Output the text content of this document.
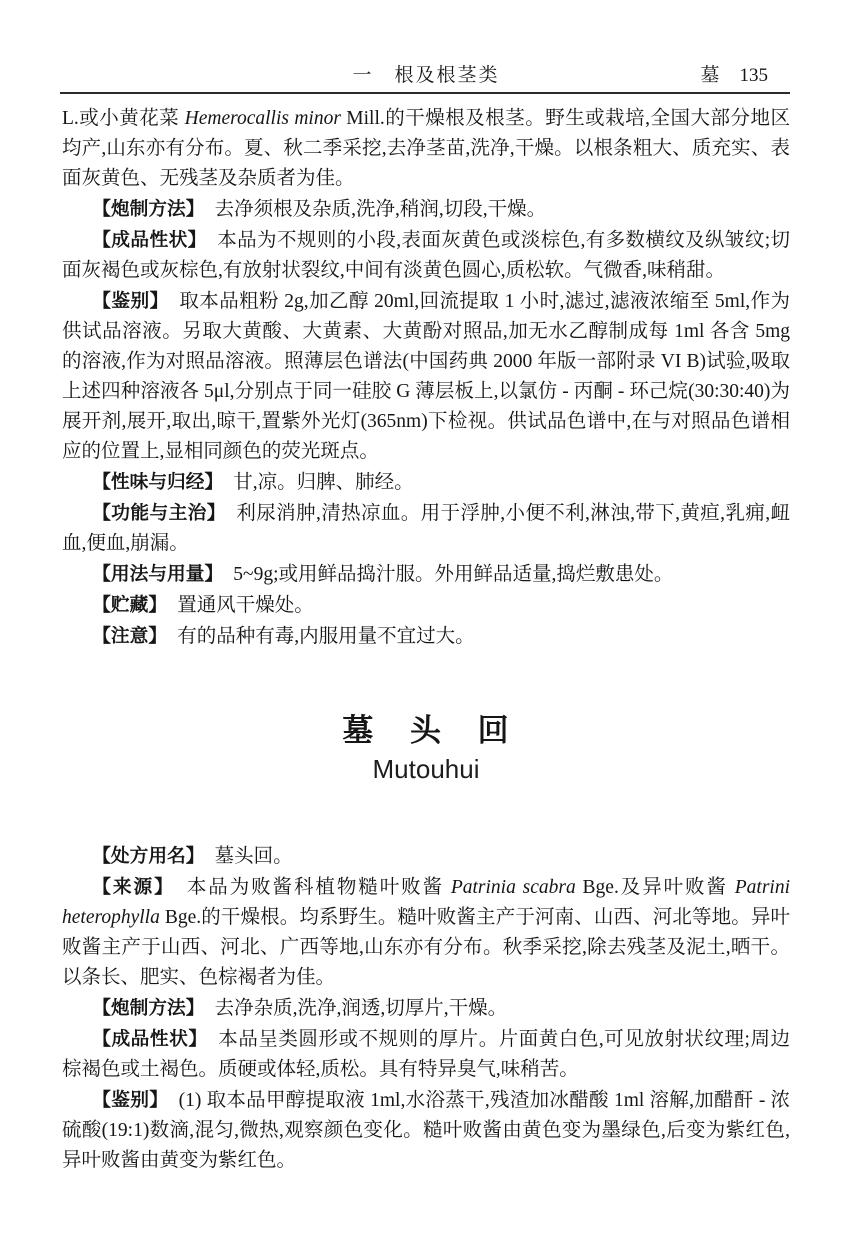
一　根及根茎类	墓 135

L.或小黄花菜 Hemerocallis minor Mill.的干燥根及根茎。野生或栽培,全国大部分地区均产,山东亦有分布。夏、秋二季采挖,去净茎苗,洗净,干燥。以根条粗大、质充实、表面灰黄色、无残茎及杂质者为佳。

【炮制方法】　去净须根及杂质,洗净,稍润,切段,干燥。

【成品性状】　本品为不规则的小段,表面灰黄色或淡棕色,有多数横纹及纵皱纹;切面灰褐色或灰棕色,有放射状裂纹,中间有淡黄色圆心,质松软。气微香,味稍甜。

【鉴别】　取本品粗粉 2g,加乙醇 20ml,回流提取 1 小时,滤过,滤液浓缩至 5ml,作为供试品溶液。另取大黄酸、大黄素、大黄酚对照品,加无水乙醇制成每 1ml 各含 5mg 的溶液,作为对照品溶液。照薄层色谱法(中国药典 2000 年版一部附录 VI B)试验,吸取上述四种溶液各 5μl,分别点于同一硅胶 G 薄层板上,以氯仿 - 丙酮 - 环己烷(30:30:40)为展开剂,展开,取出,晾干,置紫外光灯(365nm)下检视。供试品色谱中,在与对照品色谱相应的位置上,显相同颜色的荧光斑点。

【性味与归经】　甘,凉。归脾、肺经。

【功能与主治】　利尿消肿,清热凉血。用于浮肿,小便不利,淋浊,带下,黄疸,乳痈,衄血,便血,崩漏。

【用法与用量】　5~9g;或用鲜品捣汁服。外用鲜品适量,捣烂敷患处。

【贮藏】　置通风干燥处。

【注意】　有的品种有毒,内服用量不宜过大。

墓 头 回
Mutouhui

【处方用名】　墓头回。

【来源】　本品为败酱科植物糙叶败酱 Patrinia scabra Bge.及异叶败酱 Patrini heterophylla Bge.的干燥根。均系野生。糙叶败酱主产于河南、山西、河北等地。异叶败酱主产于山西、河北、广西等地,山东亦有分布。秋季采挖,除去残茎及泥土,晒干。以条长、肥实、色棕褐者为佳。

【炮制方法】　去净杂质,洗净,润透,切厚片,干燥。

【成品性状】　本品呈类圆形或不规则的厚片。片面黄白色,可见放射状纹理;周边棕褐色或土褐色。质硬或体轻,质松。具有特异臭气,味稍苦。

【鉴别】　(1) 取本品甲醇提取液 1ml,水浴蒸干,残渣加冰醋酸 1ml 溶解,加醋酐 - 浓硫酸(19:1)数滴,混匀,微热,观察颜色变化。糙叶败酱由黄色变为墨绿色,后变为紫红色,异叶败酱由黄变为紫红色。
